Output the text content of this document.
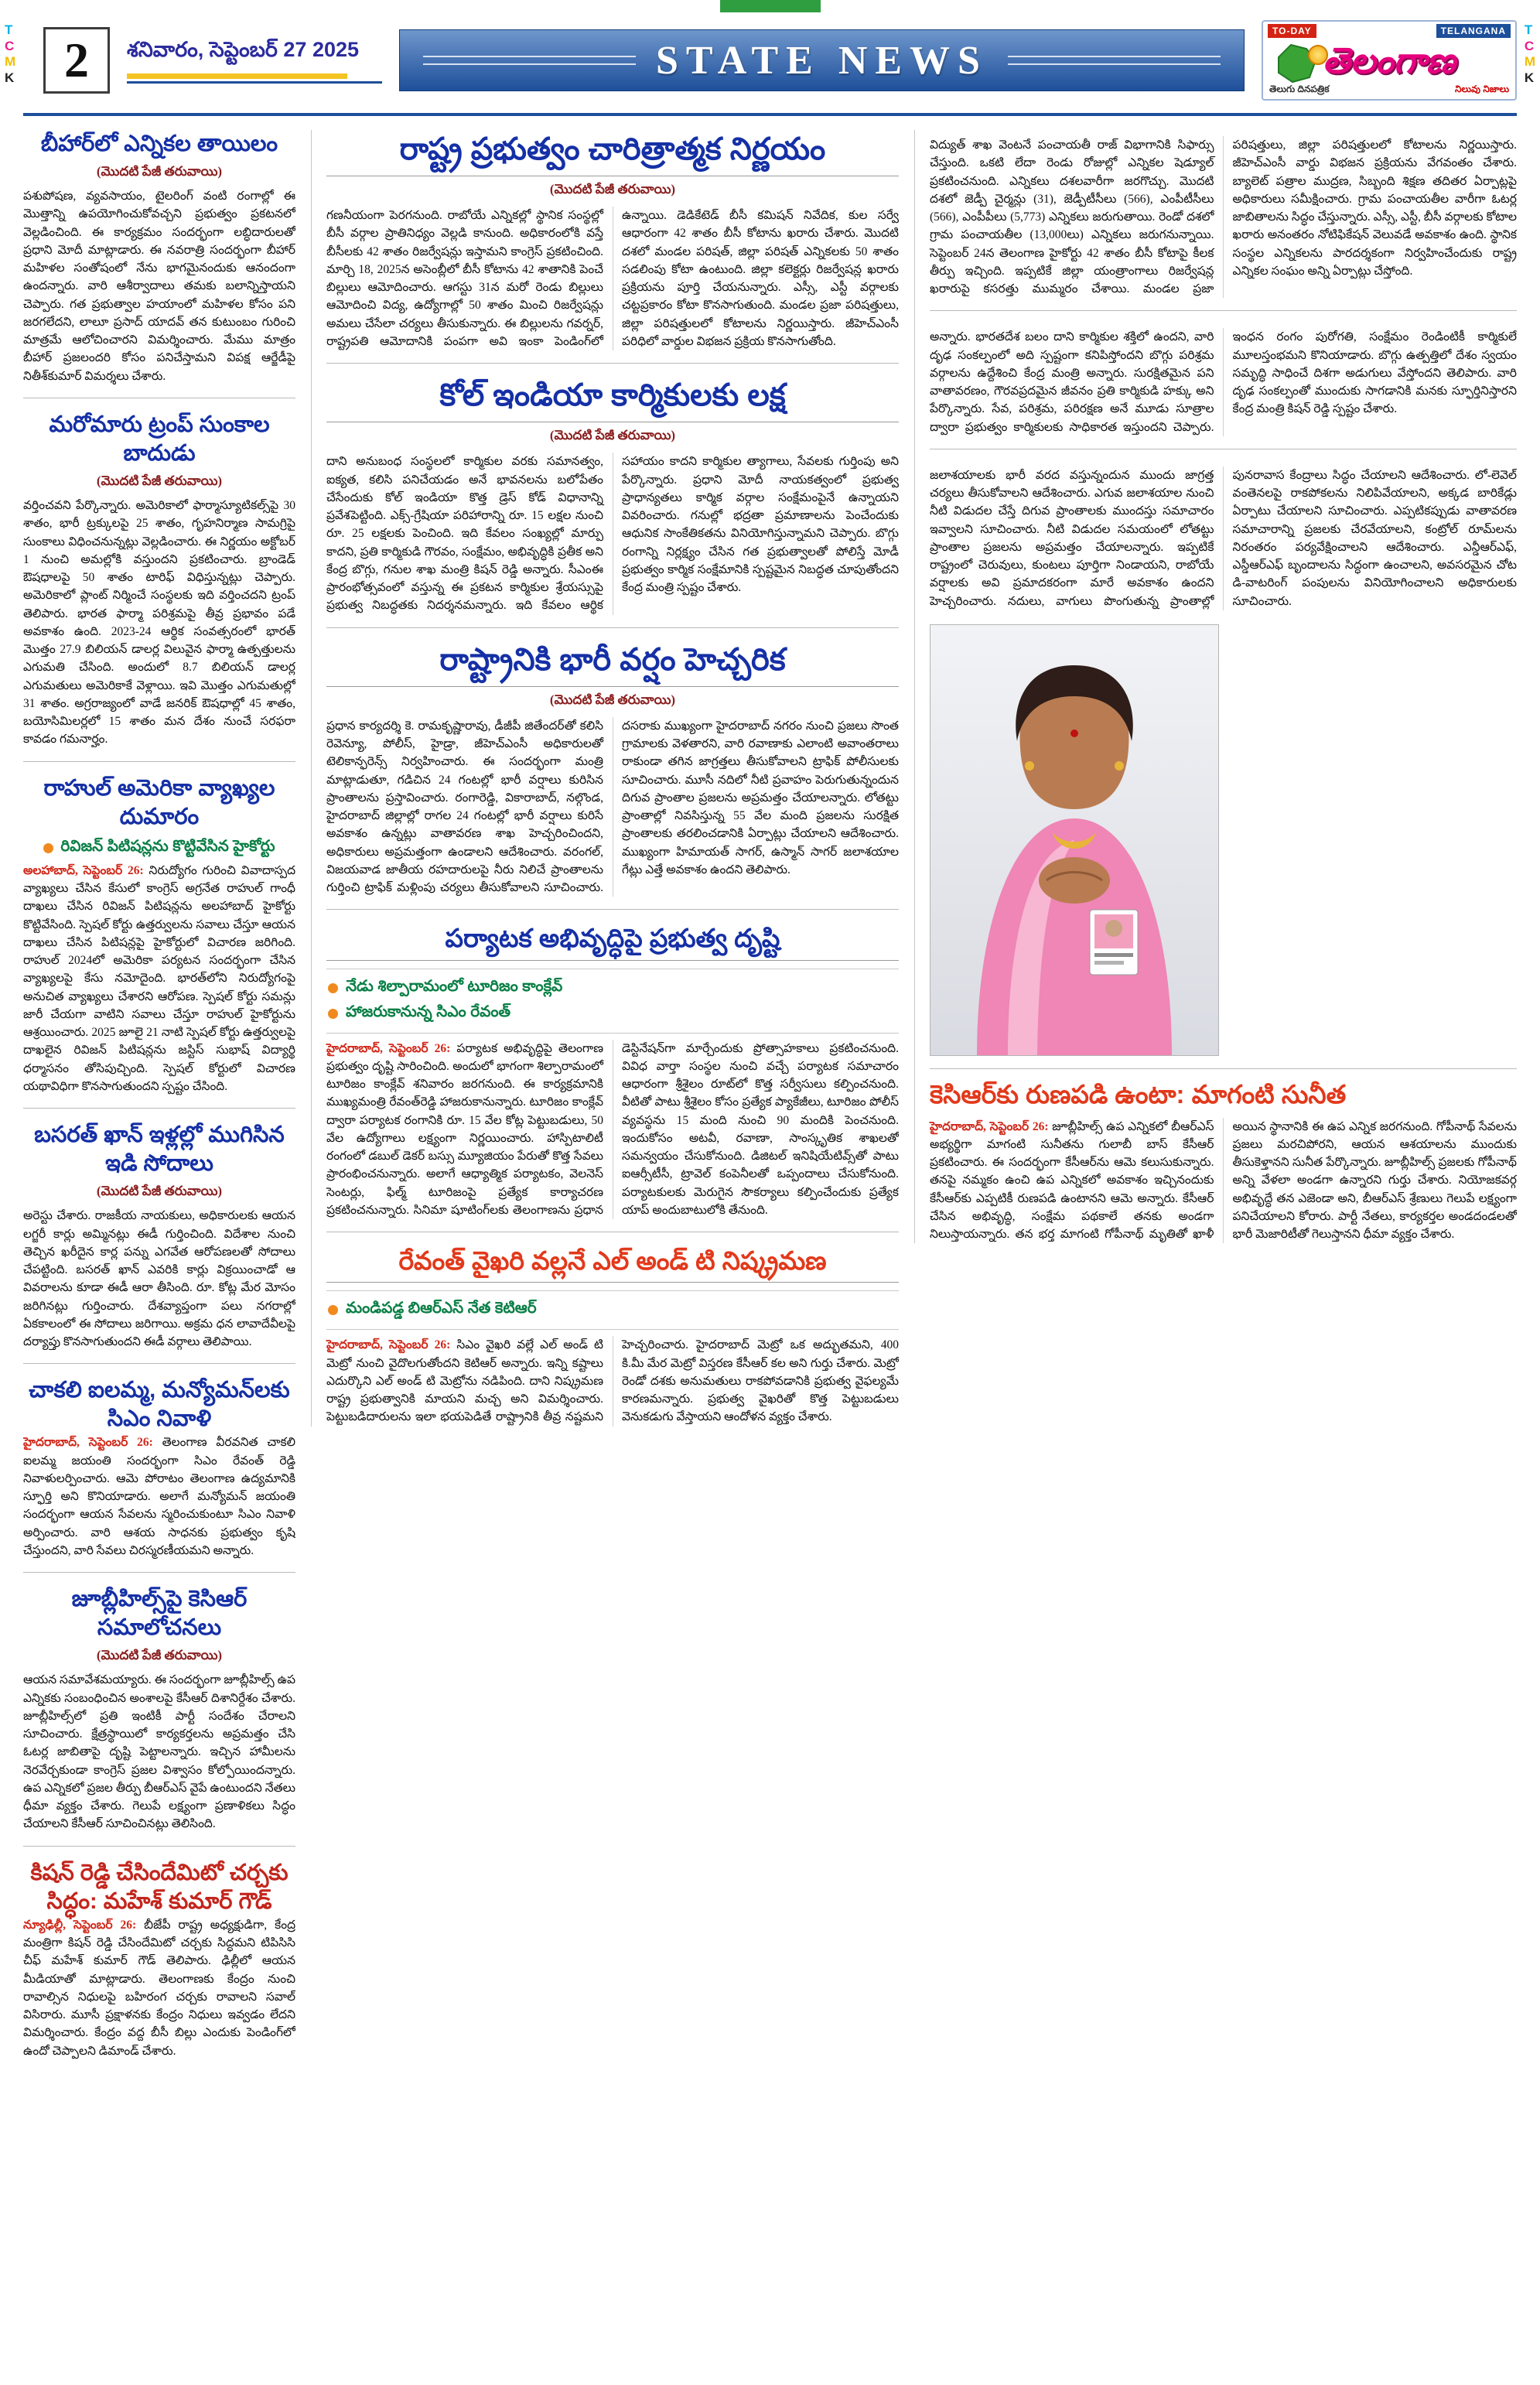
T
C
M
K
T
C
M
K
2	శనివారం, సెప్టెంబర్ 27 2025	STATE NEWS
TO-DAY	TELANGANA
తెలంగాణ
తెలుగు దినపత్రిక	నిలువు నిజాలు
బీహార్‌లో ఎన్నికల తాయిలం
(మొదటి పేజీ తరువాయి)

పశుపోషణ, వ్యవసాయం, టైలరింగ్ వంటి రంగాల్లో ఈ మొత్తాన్ని ఉపయోగించుకోవచ్చని ప్రభుత్వం ప్రకటనలో వెల్లడించింది. ఈ కార్యక్రమం సందర్భంగా లబ్ధిదారులతో ప్రధాని మోదీ మాట్లాడారు. ఈ నవరాత్రి సందర్భంగా బీహార్ మహిళల సంతోషంలో నేను భాగమైనందుకు ఆనందంగా ఉందన్నారు. వారి ఆశీర్వాదాలు తమకు బలాన్నిస్తాయని చెప్పారు. గత ప్రభుత్వాల హయాంలో మహిళల కోసం పని జరగలేదని, లాలూ ప్రసాద్ యాదవ్ తన కుటుంబం గురించి మాత్రమే ఆలోచించారని విమర్శించారు. మేము మాత్రం బీహార్ ప్రజలందరి కోసం పనిచేస్తామని విపక్ష ఆర్జేడీపై నితీశ్‌కుమార్ విమర్శలు చేశారు.

మరోమారు ట్రంప్ సుంకాల బాదుడు
(మొదటి పేజీ తరువాయి)

వర్తించవని పేర్కొన్నారు. అమెరికాలో ఫార్మాస్యూటికల్స్‌పై 30 శాతం, భారీ ట్రక్కులపై 25 శాతం, గృహనిర్మాణ సామగ్రిపై సుంకాలు విధించనున్నట్లు వెల్లడించారు. ఈ నిర్ణయం అక్టోబర్ 1 నుంచి అమల్లోకి వస్తుందని ప్రకటించారు. బ్రాండెడ్ ఔషధాలపై 50 శాతం టారిఫ్ విధిస్తున్నట్లు చెప్పారు. అమెరికాలో ప్లాంట్ నిర్మించే సంస్థలకు ఇది వర్తించదని ట్రంప్ తెలిపారు. భారత ఫార్మా పరిశ్రమపై తీవ్ర ప్రభావం పడే అవకాశం ఉంది. 2023-24 ఆర్థిక సంవత్సరంలో భారత్ మొత్తం 27.9 బిలియన్ డాలర్ల విలువైన ఫార్మా ఉత్పత్తులను ఎగుమతి చేసింది. అందులో 8.7 బిలియన్ డాలర్ల ఎగుమతులు అమెరికాకే వెళ్లాయి. ఇవి మొత్తం ఎగుమతుల్లో 31 శాతం. అగ్రరాజ్యంలో వాడే జనరిక్ ఔషధాల్లో 45 శాతం, బయోసిమిలర్లలో 15 శాతం మన దేశం నుంచే సరఫరా కావడం గమనార్హం.

రాహుల్ అమెరికా వ్యాఖ్యల దుమారం
రివిజన్ పిటిషన్లను కొట్టివేసిన హైకోర్టు

అలహాబాద్, సెప్టెంబర్ 26: నిరుద్యోగం గురించి వివాదాస్పద వ్యాఖ్యలు చేసిన కేసులో కాంగ్రెస్ అగ్రనేత రాహుల్ గాంధీ దాఖలు చేసిన రివిజన్ పిటిషన్లను అలహాబాద్ హైకోర్టు కొట్టివేసింది. స్పెషల్ కోర్టు ఉత్తర్వులను సవాలు చేస్తూ ఆయన దాఖలు చేసిన పిటిషన్లపై హైకోర్టులో విచారణ జరిగింది. రాహుల్ 2024లో అమెరికా పర్యటన సందర్భంగా చేసిన వ్యాఖ్యలపై కేసు నమోదైంది. భారత్‌లోని నిరుద్యోగంపై అనుచిత వ్యాఖ్యలు చేశారని ఆరోపణ. స్పెషల్ కోర్టు సమన్లు జారీ చేయగా వాటిని సవాలు చేస్తూ రాహుల్ హైకోర్టును ఆశ్రయించారు. 2025 జూలై 21 నాటి స్పెషల్ కోర్టు ఉత్తర్వులపై దాఖలైన రివిజన్ పిటిషన్లను జస్టిస్ సుభాష్ విద్యార్థి ధర్మాసనం తోసిపుచ్చింది. స్పెషల్ కోర్టులో విచారణ యథావిధిగా కొనసాగుతుందని స్పష్టం చేసింది.

బసరత్ ఖాన్ ఇళ్లల్లో ముగిసిన ఇడి సోదాలు
(మొదటి పేజీ తరువాయి)

అరెస్టు చేశారు. రాజకీయ నాయకులు, అధికారులకు ఆయన లగ్జరీ కార్లు అమ్మినట్లు ఈడీ గుర్తించింది. విదేశాల నుంచి తెచ్చిన ఖరీదైన కార్ల పన్ను ఎగవేత ఆరోపణలతో సోదాలు చేపట్టింది. బసరత్ ఖాన్ ఎవరికి కార్లు విక్రయించాడో ఆ వివరాలను కూడా ఈడీ ఆరా తీసింది. రూ. కోట్ల మేర మోసం జరిగినట్లు గుర్తించారు. దేశవ్యాప్తంగా పలు నగరాల్లో ఏకకాలంలో ఈ సోదాలు జరిగాయి. అక్రమ ధన లావాదేవీలపై దర్యాప్తు కొనసాగుతుందని ఈడీ వర్గాలు తెలిపాయి.

చాకలి ఐలమ్మ, మన్యోమన్‌లకు సిఎం నివాళి

హైదరాబాద్, సెప్టెంబర్ 26: తెలంగాణ వీరవనిత చాకలి ఐలమ్మ జయంతి సందర్భంగా సిఎం రేవంత్ రెడ్డి నివాళులర్పించారు. ఆమె పోరాటం తెలంగాణ ఉద్యమానికి స్ఫూర్తి అని కొనియాడారు. అలాగే మన్యోమన్ జయంతి సందర్భంగా ఆయన సేవలను స్మరించుకుంటూ సిఎం నివాళి అర్పించారు. వారి ఆశయ సాధనకు ప్రభుత్వం కృషి చేస్తుందని, వారి సేవలు చిరస్మరణీయమని అన్నారు.

జూబ్లీహిల్స్‌పై కెసిఆర్ సమాలోచనలు
(మొదటి పేజీ తరువాయి)

ఆయన సమావేశమయ్యారు. ఈ సందర్భంగా జూబ్లీహిల్స్ ఉప ఎన్నికకు సంబంధించిన అంశాలపై కేసీఆర్ దిశానిర్దేశం చేశారు. జూబ్లీహిల్స్‌లో ప్రతి ఇంటికీ పార్టీ సందేశం చేరాలని సూచించారు. క్షేత్రస్థాయిలో కార్యకర్తలను అప్రమత్తం చేసి ఓటర్ల జాబితాపై దృష్టి పెట్టాలన్నారు. ఇచ్చిన హామీలను నెరవేర్చకుండా కాంగ్రెస్ ప్రజల విశ్వాసం కోల్పోయిందన్నారు. ఉప ఎన్నికలో ప్రజల తీర్పు బీఆర్ఎస్ వైపే ఉంటుందని నేతలు ధీమా వ్యక్తం చేశారు. గెలుపే లక్ష్యంగా ప్రణాళికలు సిద్ధం చేయాలని కేసీఆర్ సూచించినట్లు తెలిసింది.

కిషన్ రెడ్డి చేసిందేమిటో చర్చకు సిద్ధం: మహేశ్ కుమార్ గౌడ్

న్యూఢిల్లీ, సెప్టెంబర్ 26: బీజేపీ రాష్ట్ర అధ్యక్షుడిగా, కేంద్ర మంత్రిగా కిషన్ రెడ్డి చేసిందేమిటో చర్చకు సిద్ధమని టిపిసిసి చీఫ్ మహేశ్ కుమార్ గౌడ్ తెలిపారు. ఢిల్లీలో ఆయన మీడియాతో మాట్లాడారు. తెలంగాణకు కేంద్రం నుంచి రావాల్సిన నిధులపై బహిరంగ చర్చకు రావాలని సవాల్ విసిరారు. మూసీ ప్రక్షాళనకు కేంద్రం నిధులు ఇవ్వడం లేదని విమర్శించారు. కేంద్రం వద్ద బీసీ బిల్లు ఎందుకు పెండింగ్‌లో ఉందో చెప్పాలని డిమాండ్ చేశారు.

రాష్ట్ర ప్రభుత్వం చారిత్రాత్మక నిర్ణయం
(మొదటి పేజీ తరువాయి)
గణనీయంగా పెరగనుంది. రాబోయే ఎన్నికల్లో స్థానిక సంస్థల్లో బీసీ వర్గాల ప్రాతినిధ్యం వెల్లడి కానుంది. అధికారంలోకి వస్తే బీసీలకు 42 శాతం రిజర్వేషన్లు ఇస్తామని కాంగ్రెస్ ప్రకటించింది. మార్చి 18, 2025న అసెంబ్లీలో బీసీ కోటాను 42 శాతానికి పెంచే బిల్లులు ఆమోదించారు. ఆగస్టు 31న మరో రెండు బిల్లులు ఆమోదించి విద్య, ఉద్యోగాల్లో 50 శాతం మించి రిజర్వేషన్లు అమలు చేసేలా చర్యలు తీసుకున్నారు. ఈ బిల్లులను గవర్నర్, రాష్ట్రపతి ఆమోదానికి పంపగా అవి ఇంకా పెండింగ్‌లో ఉన్నాయి. డెడికేటెడ్ బీసీ కమిషన్ నివేదిక, కుల సర్వే ఆధారంగా 42 శాతం బీసీ కోటాను ఖరారు చేశారు. మొదటి దశలో మండల పరిషత్, జిల్లా పరిషత్ ఎన్నికలకు 50 శాతం సడలింపు కోటా ఉంటుంది. జిల్లా కలెక్టర్లు రిజర్వేషన్ల ఖరారు ప్రక్రియను పూర్తి చేయనున్నారు. ఎస్సీ, ఎస్టీ వర్గాలకు చట్టప్రకారం కోటా కొనసాగుతుంది. మండల ప్రజా పరిషత్తులు, జిల్లా పరిషత్తులలో కోటాలను నిర్ణయిస్తారు. జీహెచ్ఎంసీ పరిధిలో వార్డుల విభజన ప్రక్రియ కొనసాగుతోంది.
కోల్ ఇండియా కార్మికులకు లక్ష
(మొదటి పేజీ తరువాయి)
దాని అనుబంధ సంస్థలలో కార్మికుల వరకు సమానత్వం, ఐక్యత, కలిసి పనిచేయడం అనే భావనలను బలోపేతం చేసేందుకు కోల్ ఇండియా కొత్త డ్రెస్ కోడ్ విధానాన్ని ప్రవేశపెట్టింది. ఎక్స్-గ్రేషియా పరిహారాన్ని రూ. 15 లక్షల నుంచి రూ. 25 లక్షలకు పెంచింది. ఇది కేవలం సంఖ్యల్లో మార్పు కాదని, ప్రతి కార్మికుడి గౌరవం, సంక్షేమం, అభివృద్ధికి ప్రతీక అని కేంద్ర బొగ్గు, గనుల శాఖ మంత్రి కిషన్ రెడ్డి అన్నారు. సీఎంఈ ప్రారంభోత్సవంలో వస్తున్న ఈ ప్రకటన కార్మికుల శ్రేయస్సుపై ప్రభుత్వ నిబద్ధతకు నిదర్శనమన్నారు. ఇది కేవలం ఆర్థిక సహాయం కాదని కార్మికుల త్యాగాలు, సేవలకు గుర్తింపు అని పేర్కొన్నారు. ప్రధాని మోదీ నాయకత్వంలో ప్రభుత్వ ప్రాధాన్యతలు కార్మిక వర్గాల సంక్షేమంపైనే ఉన్నాయని వివరించారు. గనుల్లో భద్రతా ప్రమాణాలను పెంచేందుకు ఆధునిక సాంకేతికతను వినియోగిస్తున్నామని చెప్పారు. బొగ్గు రంగాన్ని నిర్లక్ష్యం చేసిన గత ప్రభుత్వాలతో పోలిస్తే మోడీ ప్రభుత్వం కార్మిక సంక్షేమానికి స్పష్టమైన నిబద్ధత చూపుతోందని కేంద్ర మంత్రి స్పష్టం చేశారు.
రాష్ట్రానికి భారీ వర్షం హెచ్చరిక
(మొదటి పేజీ తరువాయి)
ప్రధాన కార్యదర్శి కె. రామకృష్ణారావు, డీజీపీ జితేందర్‌తో కలిసి రెవెన్యూ, పోలీస్, హైడ్రా, జీహెచ్ఎంసీ అధికారులతో టెలికాన్ఫరెన్స్ నిర్వహించారు. ఈ సందర్భంగా మంత్రి మాట్లాడుతూ, గడిచిన 24 గంటల్లో భారీ వర్షాలు కురిసిన ప్రాంతాలను ప్రస్తావించారు. రంగారెడ్డి, వికారాబాద్, నల్గొండ, హైదరాబాద్ జిల్లాల్లో రాగల 24 గంటల్లో భారీ వర్షాలు కురిసే అవకాశం ఉన్నట్లు వాతావరణ శాఖ హెచ్చరించిందని, అధికారులు అప్రమత్తంగా ఉండాలని ఆదేశించారు. వరంగల్, విజయవాడ జాతీయ రహదారులపై నీరు నిలిచే ప్రాంతాలను గుర్తించి ట్రాఫిక్ మళ్లింపు చర్యలు తీసుకోవాలని సూచించారు. దసరాకు ముఖ్యంగా హైదరాబాద్ నగరం నుంచి ప్రజలు సొంత గ్రామాలకు వెళతారని, వారి రవాణాకు ఎలాంటి అవాంతరాలు రాకుండా తగిన జాగ్రత్తలు తీసుకోవాలని ట్రాఫిక్ పోలీసులకు సూచించారు. మూసీ నదిలో నీటి ప్రవాహం పెరుగుతున్నందున దిగువ ప్రాంతాల ప్రజలను అప్రమత్తం చేయాలన్నారు. లోతట్టు ప్రాంతాల్లో నివసిస్తున్న 55 వేల మంది ప్రజలను సురక్షిత ప్రాంతాలకు తరలించడానికి ఏర్పాట్లు చేయాలని ఆదేశించారు. ముఖ్యంగా హిమాయత్ సాగర్, ఉస్మాన్ సాగర్ జలాశయాల గేట్లు ఎత్తే అవకాశం ఉందని తెలిపారు.
పర్యాటక అభివృద్ధిపై ప్రభుత్వ దృష్టి
నేడు శిల్పారామంలో టూరిజం కాంక్లేవ్
హాజరుకానున్న సిఎం రేవంత్
హైదరాబాద్, సెప్టెంబర్ 26: పర్యాటక అభివృద్ధిపై తెలంగాణ ప్రభుత్వం దృష్టి సారించింది. అందులో భాగంగా శిల్పారామంలో టూరిజం కాంక్లేవ్ శనివారం జరగనుంది. ఈ కార్యక్రమానికి ముఖ్యమంత్రి రేవంత్‌రెడ్డి హాజరుకానున్నారు. టూరిజం కాంక్లేవ్ ద్వారా పర్యాటక రంగానికి రూ. 15 వేల కోట్ల పెట్టుబడులు, 50 వేల ఉద్యోగాలు లక్ష్యంగా నిర్ణయించారు. హాస్పిటాలిటీ రంగంలో డబుల్ డెకర్ బస్సు మ్యూజియం పేరుతో కొత్త సేవలు ప్రారంభించనున్నారు. అలాగే ఆధ్యాత్మిక పర్యాటకం, వెలనెస్ సెంటర్లు, ఫిల్మ్ టూరిజంపై ప్రత్యేక కార్యాచరణ ప్రకటించనున్నారు. సినిమా షూటింగ్‌లకు తెలంగాణను ప్రధాన డెస్టినేషన్‌గా మార్చేందుకు ప్రోత్సాహకాలు ప్రకటించనుంది. వివిధ వార్తా సంస్థల నుంచి వచ్చే పర్యాటక సమాచారం ఆధారంగా శ్రీశైలం రూట్‌లో కొత్త సర్వీసులు కల్పించనుంది. వీటితో పాటు శ్రీశైలం కోసం ప్రత్యేక ప్యాకేజీలు, టూరిజం పోలీస్ వ్యవస్థను 15 మంది నుంచి 90 మందికి పెంచనుంది. ఇందుకోసం అటవీ, రవాణా, సాంస్కృతిక శాఖలతో సమన్వయం చేసుకోనుంది. డిజిటల్ ఇనిషియేటివ్స్‌తో పాటు ఐఆర్సీటీసీ, ట్రావెల్ కంపెనీలతో ఒప్పందాలు చేసుకోనుంది. పర్యాటకులకు మెరుగైన సౌకర్యాలు కల్పించేందుకు ప్రత్యేక యాప్ అందుబాటులోకి తేనుంది.
రేవంత్ వైఖరి వల్లనే ఎల్ అండ్ టి నిష్క్రమణ
మండిపడ్డ బిఆర్ఎస్ నేత కెటిఆర్
హైదరాబాద్, సెప్టెంబర్ 26: సిఎం వైఖరి వల్లే ఎల్ అండ్ టి మెట్రో నుంచి వైదొలగుతోందని కెటిఆర్ అన్నారు. ఇన్ని కష్టాలు ఎదుర్కొని ఎల్ అండ్ టి మెట్రోను నడిపింది. దాని నిష్క్రమణ రాష్ట్ర ప్రభుత్వానికి మాయని మచ్చ అని విమర్శించారు. పెట్టుబడిదారులను ఇలా భయపెడితే రాష్ట్రానికి తీవ్ర నష్టమని హెచ్చరించారు. హైదరాబాద్ మెట్రో ఒక అద్భుతమని, 400 కి.మీ మేర మెట్రో విస్తరణ కేసీఆర్ కల అని గుర్తు చేశారు. మెట్రో రెండో దశకు అనుమతులు రాకపోవడానికి ప్రభుత్వ వైఫల్యమే కారణమన్నారు. ప్రభుత్వ వైఖరితో కొత్త పెట్టుబడులు వెనుకడుగు వేస్తాయని ఆందోళన వ్యక్తం చేశారు.
విద్యుత్ శాఖ వెంటనే పంచాయతీ రాజ్ విభాగానికి సిఫార్సు చేస్తుంది. ఒకటి లేదా రెండు రోజుల్లో ఎన్నికల షెడ్యూల్ ప్రకటించనుంది. ఎన్నికలు దశలవారీగా జరగొచ్చు. మొదటి దశలో జెడ్పీ చైర్మన్లు (31), జెడ్పీటీసీలు (566), ఎంపీటీసీలు (566), ఎంపీపీలు (5,773) ఎన్నికలు జరుగుతాయి. రెండో దశలో గ్రామ పంచాయతీల (13,000లు) ఎన్నికలు జరుగనున్నాయి. సెప్టెంబర్ 24న తెలంగాణ హైకోర్టు 42 శాతం బీసీ కోటాపై కీలక తీర్పు ఇచ్చింది. ఇప్పటికే జిల్లా యంత్రాంగాలు రిజర్వేషన్ల ఖరారుపై కసరత్తు ముమ్మరం చేశాయి. మండల ప్రజా పరిషత్తులు, జిల్లా పరిషత్తులలో కోటాలను నిర్ణయిస్తారు. జీహెచ్ఎంసీ వార్డు విభజన ప్రక్రియను వేగవంతం చేశారు. బ్యాలెట్ పత్రాల ముద్రణ, సిబ్బంది శిక్షణ తదితర ఏర్పాట్లపై అధికారులు సమీక్షించారు. గ్రామ పంచాయతీల వారీగా ఓటర్ల జాబితాలను సిద్ధం చేస్తున్నారు. ఎస్సీ, ఎస్టీ, బీసీ వర్గాలకు కోటాల ఖరారు అనంతరం నోటిఫికేషన్ వెలువడే అవకాశం ఉంది. స్థానిక సంస్థల ఎన్నికలను పారదర్శకంగా నిర్వహించేందుకు రాష్ట్ర ఎన్నికల సంఘం అన్ని ఏర్పాట్లు చేస్తోంది.
అన్నారు. భారతదేశ బలం దాని కార్మికుల శక్తిలో ఉందని, వారి దృఢ సంకల్పంలో అది స్పష్టంగా కనిపిస్తోందని బొగ్గు పరిశ్రమ వర్గాలను ఉద్దేశించి కేంద్ర మంత్రి అన్నారు. సురక్షితమైన పని వాతావరణం, గౌరవప్రదమైన జీవనం ప్రతి కార్మికుడి హక్కు అని పేర్కొన్నారు. సేవ, పరిశ్రమ, పరిరక్షణ అనే మూడు సూత్రాల ద్వారా ప్రభుత్వం కార్మికులకు సాధికారత ఇస్తుందని చెప్పారు. ఇంధన రంగం పురోగతి, సంక్షేమం రెండింటికీ కార్మికులే మూలస్తంభమని కొనియాడారు. బొగ్గు ఉత్పత్తిలో దేశం స్వయం సమృద్ధి సాధించే దిశగా అడుగులు వేస్తోందని తెలిపారు. వారి దృఢ సంకల్పంతో ముందుకు సాగడానికి మనకు స్ఫూర్తినిస్తారని కేంద్ర మంత్రి కిషన్ రెడ్డి స్పష్టం చేశారు.
జలాశయాలకు భారీ వరద వస్తున్నందున ముందు జాగ్రత్త చర్యలు తీసుకోవాలని ఆదేశించారు. ఎగువ జలాశయాల నుంచి నీటి విడుదల చేస్తే దిగువ ప్రాంతాలకు ముందస్తు సమాచారం ఇవ్వాలని సూచించారు. నీటి విడుదల సమయంలో లోతట్టు ప్రాంతాల ప్రజలను అప్రమత్తం చేయాలన్నారు. ఇప్పటికే రాష్ట్రంలో చెరువులు, కుంటలు పూర్తిగా నిండాయని, రాబోయే వర్షాలకు అవి ప్రమాదకరంగా మారే అవకాశం ఉందని హెచ్చరించారు. నదులు, వాగులు పొంగుతున్న ప్రాంతాల్లో పునరావాస కేంద్రాలు సిద్ధం చేయాలని ఆదేశించారు. లో-లెవెల్ వంతెనలపై రాకపోకలను నిలిపివేయాలని, అక్కడ బారికేడ్లు ఏర్పాటు చేయాలని సూచించారు. ఎప్పటికప్పుడు వాతావరణ సమాచారాన్ని ప్రజలకు చేరవేయాలని, కంట్రోల్ రూమ్‌లను నిరంతరం పర్యవేక్షించాలని ఆదేశించారు. ఎన్డీఆర్ఎఫ్, ఎస్డీఆర్ఎఫ్ బృందాలను సిద్ధంగా ఉంచాలని, అవసరమైన చోట డి-వాటరింగ్ పంపులను వినియోగించాలని అధికారులకు సూచించారు.
కెసిఆర్‌కు రుణపడి ఉంటా: మాగంటి సునీత
హైదరాబాద్, సెప్టెంబర్ 26: జూబ్లీహిల్స్ ఉప ఎన్నికలో బీఆర్ఎస్ అభ్యర్థిగా మాగంటి సునీతను గులాబీ బాస్ కేసీఆర్ ప్రకటించారు. ఈ సందర్భంగా కేసీఆర్‌ను ఆమె కలుసుకున్నారు. తనపై నమ్మకం ఉంచి ఉప ఎన్నికలో అవకాశం ఇచ్చినందుకు కేసీఆర్‌కు ఎప్పటికీ రుణపడి ఉంటానని ఆమె అన్నారు. కేసీఆర్ చేసిన అభివృద్ధి, సంక్షేమ పథకాలే తనకు అండగా నిలుస్తాయన్నారు. తన భర్త మాగంటి గోపీనాథ్ మృతితో ఖాళీ అయిన స్థానానికి ఈ ఉప ఎన్నిక జరగనుంది. గోపీనాథ్ సేవలను ప్రజలు మరచిపోరని, ఆయన ఆశయాలను ముందుకు తీసుకెళ్తానని సునీత పేర్కొన్నారు. జూబ్లీహిల్స్ ప్రజలకు గోపీనాథ్ అన్ని వేళలా అండగా ఉన్నారని గుర్తు చేశారు. నియోజకవర్గ అభివృద్ధే తన ఎజెండా అని, బీఆర్ఎస్ శ్రేణులు గెలుపే లక్ష్యంగా పనిచేయాలని కోరారు. పార్టీ నేతలు, కార్యకర్తల అండదండలతో భారీ మెజారిటీతో గెలుస్తానని ధీమా వ్యక్తం చేశారు.
